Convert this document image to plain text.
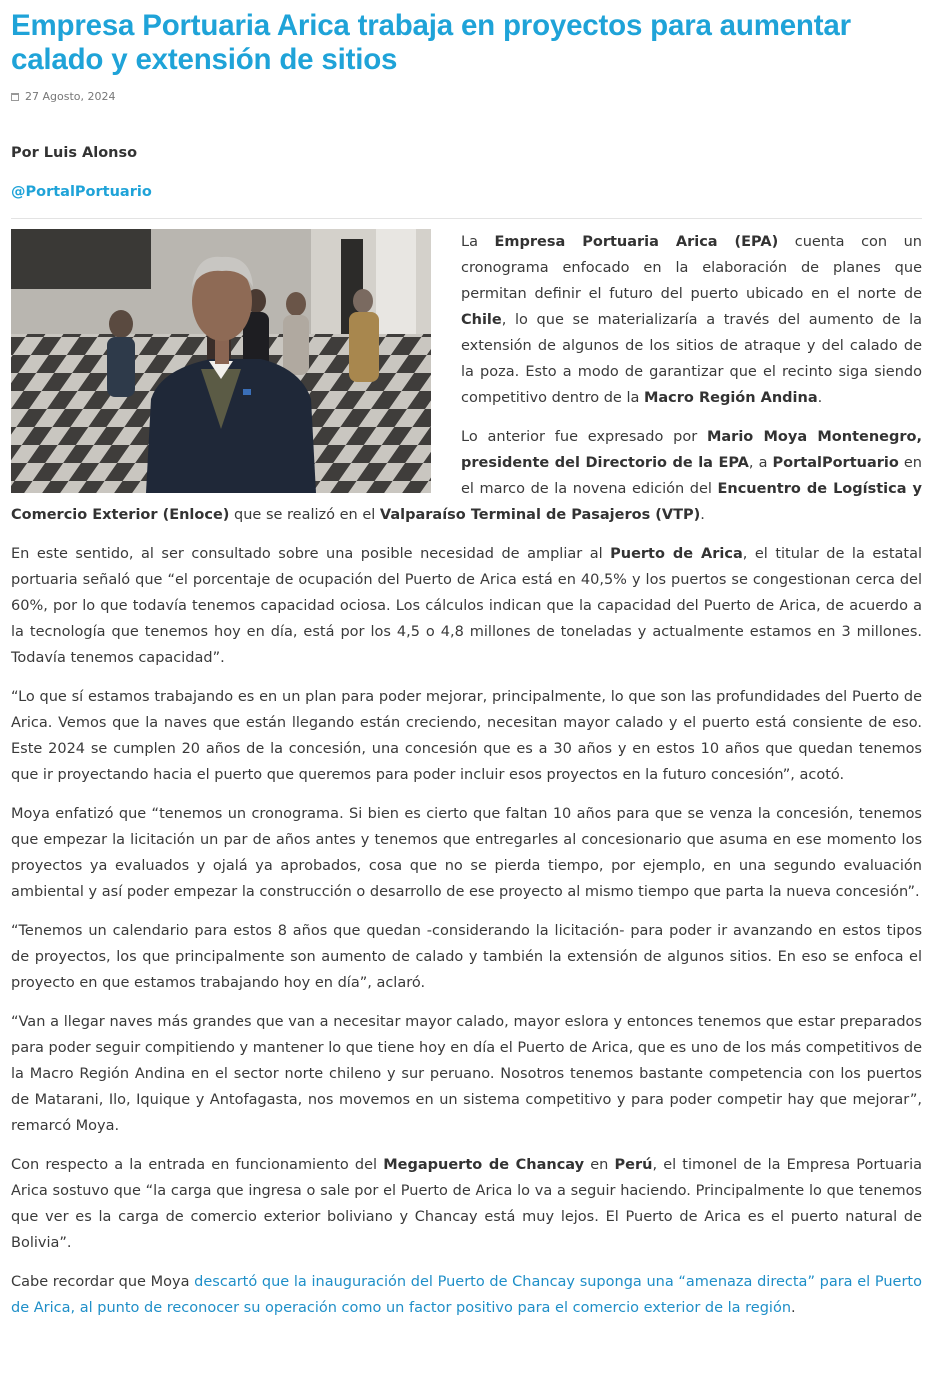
Empresa Portuaria Arica trabaja en proyectos para aumentar calado y extensión de sitios
27 Agosto, 2024
Por Luis Alonso
@PortalPortuario

La Empresa Portuaria Arica (EPA) cuenta con un cronograma enfocado en la elaboración de planes que permitan definir el futuro del puerto ubicado en el norte de Chile, lo que se materializaría a través del aumento de la extensión de algunos de los sitios de atraque y del calado de la poza. Esto a modo de garantizar que el recinto siga siendo competitivo dentro de la Macro Región Andina.

Lo anterior fue expresado por Mario Moya Montenegro, presidente del Directorio de la EPA, a PortalPortuario en el marco de la novena edición del Encuentro de Logística y Comercio Exterior (Enloce) que se realizó en el Valparaíso Terminal de Pasajeros (VTP).

En este sentido, al ser consultado sobre una posible necesidad de ampliar al Puerto de Arica, el titular de la estatal portuaria señaló que “el porcentaje de ocupación del Puerto de Arica está en 40,5% y los puertos se congestionan cerca del 60%, por lo que todavía tenemos capacidad ociosa. Los cálculos indican que la capacidad del Puerto de Arica, de acuerdo a la tecnología que tenemos hoy en día, está por los 4,5 o 4,8 millones de toneladas y actualmente estamos en 3 millones. Todavía tenemos capacidad”.

“Lo que sí estamos trabajando es en un plan para poder mejorar, principalmente, lo que son las profundidades del Puerto de Arica. Vemos que la naves que están llegando están creciendo, necesitan mayor calado y el puerto está consiente de eso. Este 2024 se cumplen 20 años de la concesión, una concesión que es a 30 años y en estos 10 años que quedan tenemos que ir proyectando hacia el puerto que queremos para poder incluir esos proyectos en la futuro concesión”, acotó.

Moya enfatizó que “tenemos un cronograma. Si bien es cierto que faltan 10 años para que se venza la concesión, tenemos que empezar la licitación un par de años antes y tenemos que entregarles al concesionario que asuma en ese momento los proyectos ya evaluados y ojalá ya aprobados, cosa que no se pierda tiempo, por ejemplo, en una segundo evaluación ambiental y así poder empezar la construcción o desarrollo de ese proyecto al mismo tiempo que parta la nueva concesión”.

“Tenemos un calendario para estos 8 años que quedan -considerando la licitación- para poder ir avanzando en estos tipos de proyectos, los que principalmente son aumento de calado y también la extensión de algunos sitios. En eso se enfoca el proyecto en que estamos trabajando hoy en día”, aclaró.

“Van a llegar naves más grandes que van a necesitar mayor calado, mayor eslora y entonces tenemos que estar preparados para poder seguir compitiendo y mantener lo que tiene hoy en día el Puerto de Arica, que es uno de los más competitivos de la Macro Región Andina en el sector norte chileno y sur peruano. Nosotros tenemos bastante competencia con los puertos de Matarani, Ilo, Iquique y Antofagasta, nos movemos en un sistema competitivo y para poder competir hay que mejorar”, remarcó Moya.

Con respecto a la entrada en funcionamiento del Megapuerto de Chancay en Perú, el timonel de la Empresa Portuaria Arica sostuvo que “la carga que ingresa o sale por el Puerto de Arica lo va a seguir haciendo. Principalmente lo que tenemos que ver es la carga de comercio exterior boliviano y Chancay está muy lejos. El Puerto de Arica es el puerto natural de Bolivia”.

Cabe recordar que Moya descartó que la inauguración del Puerto de Chancay suponga una “amenaza directa” para el Puerto de Arica, al punto de reconocer su operación como un factor positivo para el comercio exterior de la región.
